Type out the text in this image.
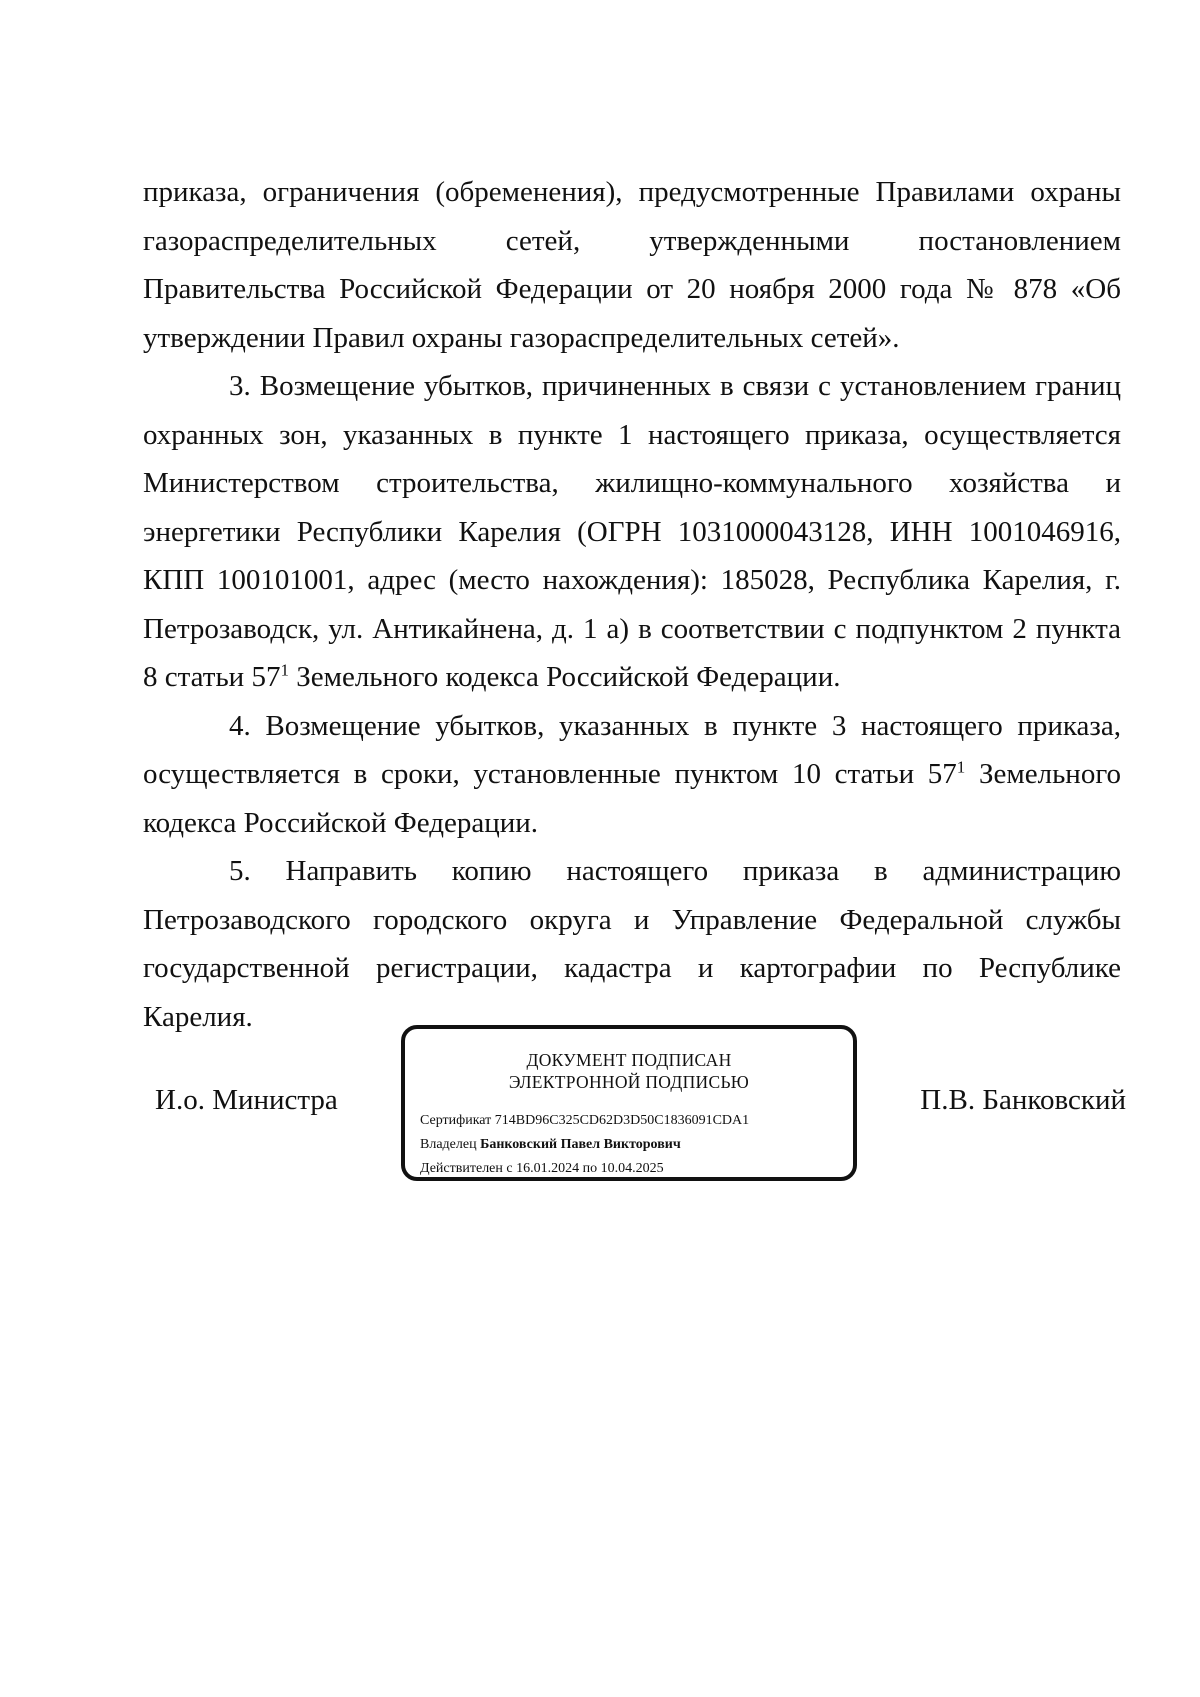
приказа, ограничения (обременения), предусмотренные Правилами охраны газораспределительных сетей, утвержденными постановлением Правительства Российской Федерации от 20 ноября 2000 года № 878 «Об утверждении Правил охраны газораспределительных сетей».

3. Возмещение убытков, причиненных в связи с установлением границ охранных зон, указанных в пункте 1 настоящего приказа, осуществляется Министерством строительства, жилищно-коммунального хозяйства и энергетики Республики Карелия (ОГРН 1031000043128, ИНН 1001046916, КПП 100101001, адрес (место нахождения): 185028, Республика Карелия, г. Петрозаводск, ул. Антикайнена, д. 1 а) в соответствии с подпунктом 2 пункта 8 статьи $57^1$ Земельного кодекса Российской Федерации.

4. Возмещение убытков, указанных в пункте 3 настоящего приказа, осуществляется в сроки, установленные пунктом 10 статьи $57^1$ Земельного кодекса Российской Федерации.

5. Направить копию настоящего приказа в администрацию Петрозаводского городского округа и Управление Федеральной службы государственной регистрации, кадастра и картографии по Республике Карелия.

И.о. Министра
ДОКУМЕНТ ПОДПИСАН
ЭЛЕКТРОННОЙ ПОДПИСЬЮ
Сертификат 714BD96C325CD62D3D50C1836091CDA1
Владелец Банковский Павел Викторович
Действителен с 16.01.2024 по 10.04.2025
П.В. Банковский
